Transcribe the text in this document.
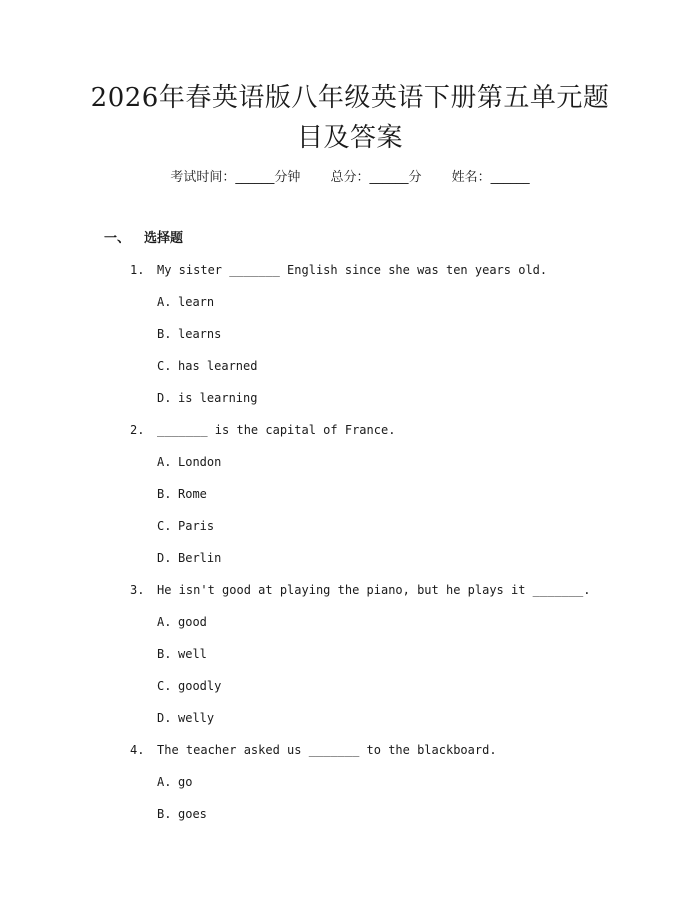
2026年春英语版八年级英语下册第五单元题
目及答案
考试时间：______分钟 总分：______分 姓名：______
一、 选择题
1. My sister _______ English since she was ten years old.
A. learn
B. learns
C. has learned
D. is learning
2. _______ is the capital of France.
A. London
B. Rome
C. Paris
D. Berlin
3. He isn't good at playing the piano, but he plays it _______.
A. good
B. well
C. goodly
D. welly
4. The teacher asked us _______ to the blackboard.
A. go
B. goes
